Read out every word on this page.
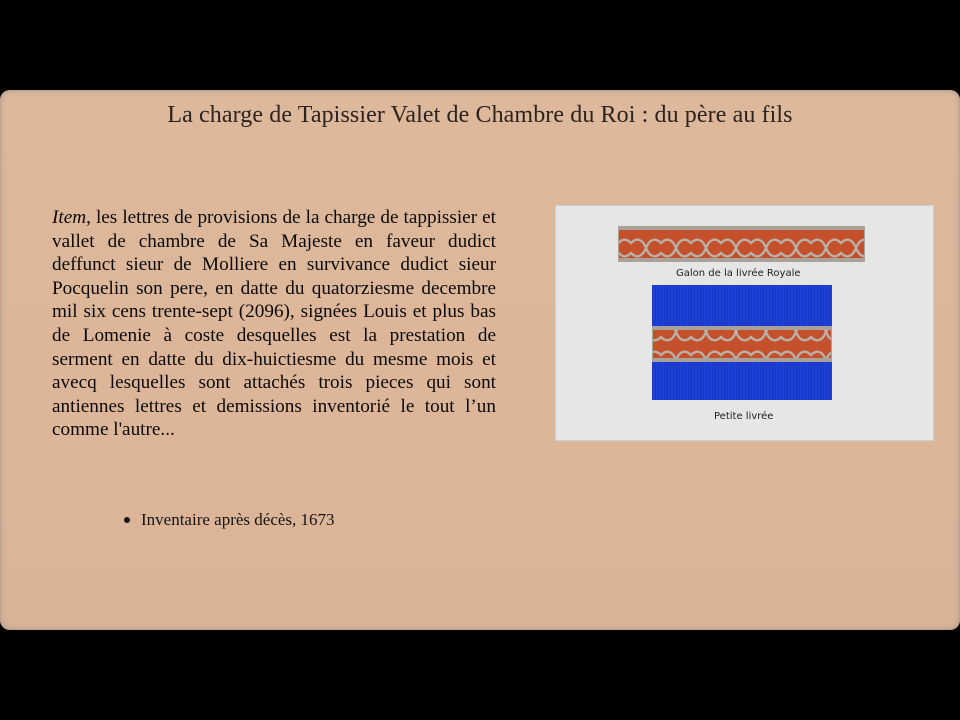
La charge de Tapissier Valet de Chambre du Roi : du père au fils
Item, les lettres de provisions de la charge de tappissier et vallet de chambre de Sa Majeste en faveur dudict deffunct sieur de Molliere en survivance dudict sieur Pocquelin son pere, en datte du quatorziesme decembre mil six cens trente-sept (2096), signées Louis et plus bas de Lomenie à coste desquelles est la prestation de serment en datte du dix-huictiesme du mesme mois et avecq lesquelles sont attachés trois pieces qui sont antiennes lettres et demissions inventorié le tout l’un comme l'autre...
Inventaire après décès, 1673
Galon de la livrée Royale
Petite livrée
